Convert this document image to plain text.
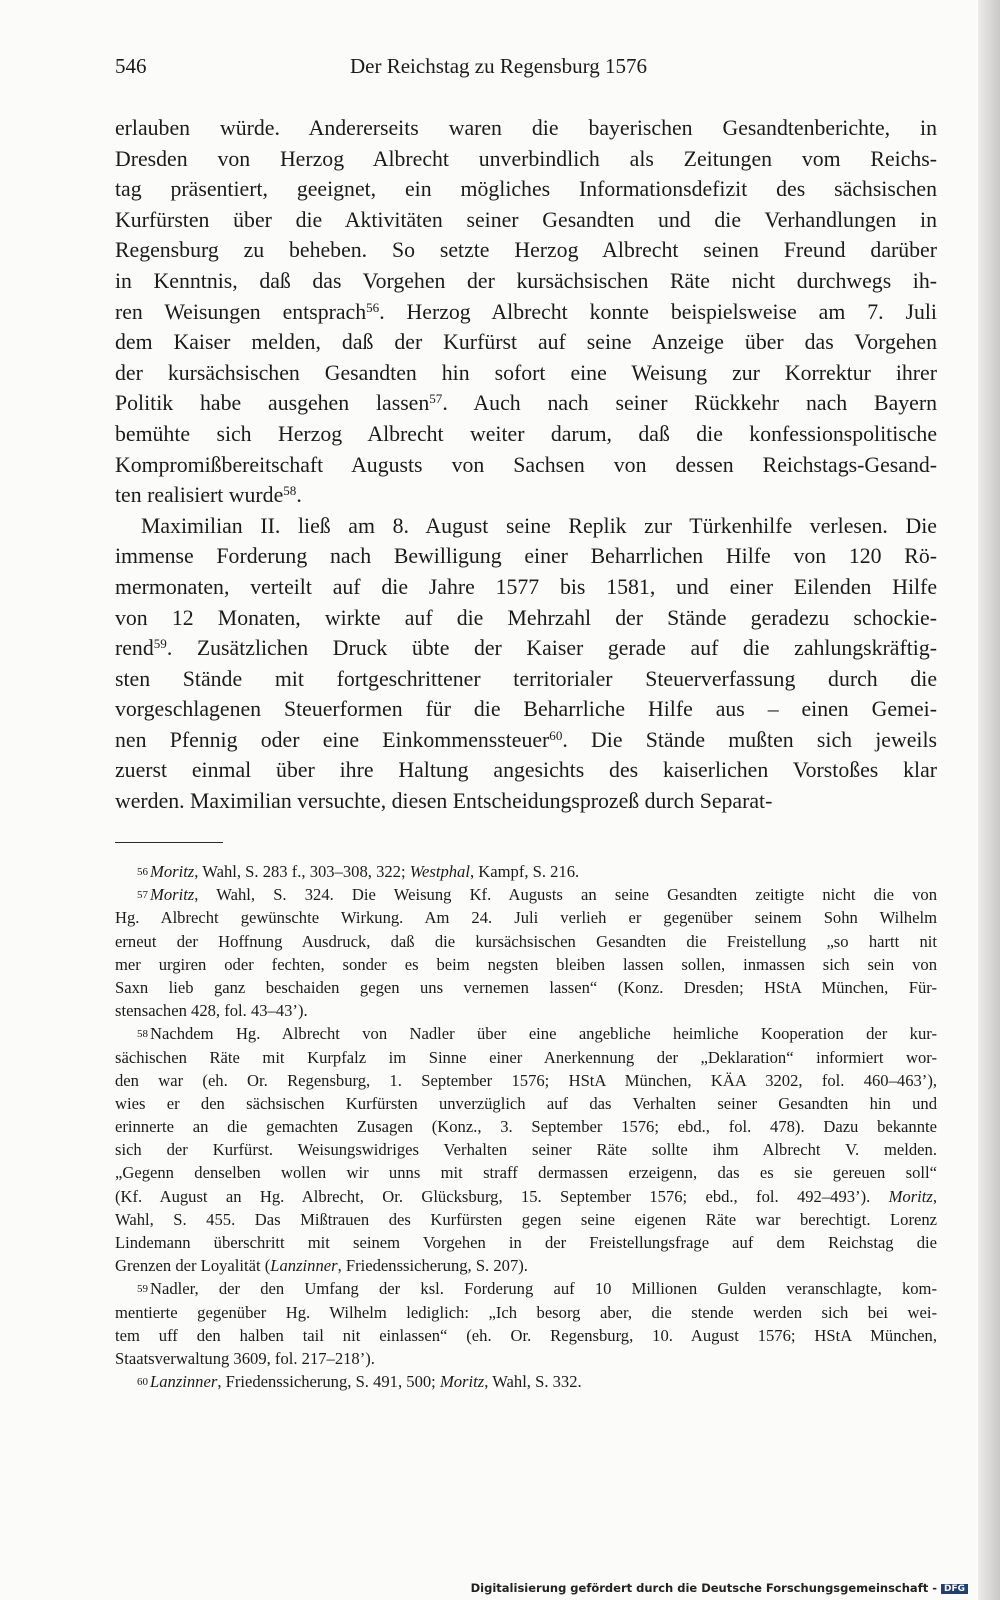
546	Der Reichstag zu Regensburg 1576
erlauben würde. Andererseits waren die bayerischen Gesandtenberichte, in
Dresden von Herzog Albrecht unverbindlich als Zeitungen vom Reichs-
tag präsentiert, geeignet, ein mögliches Informationsdefizit des sächsischen
Kurfürsten über die Aktivitäten seiner Gesandten und die Verhandlungen in
Regensburg zu beheben. So setzte Herzog Albrecht seinen Freund darüber
in Kenntnis, daß das Vorgehen der kursächsischen Räte nicht durchwegs ih-
ren Weisungen entsprach$^{56}$. Herzog Albrecht konnte beispielsweise am 7. Juli
dem Kaiser melden, daß der Kurfürst auf seine Anzeige über das Vorgehen
der kursächsischen Gesandten hin sofort eine Weisung zur Korrektur ihrer
Politik habe ausgehen lassen$^{57}$. Auch nach seiner Rückkehr nach Bayern
bemühte sich Herzog Albrecht weiter darum, daß die konfessionspolitische
Kompromißbereitschaft Augusts von Sachsen von dessen Reichstags-Gesand-
ten realisiert wurde$^{58}$.
Maximilian II. ließ am 8. August seine Replik zur Türkenhilfe verlesen. Die
immense Forderung nach Bewilligung einer Beharrlichen Hilfe von 120 Rö-
mermonaten, verteilt auf die Jahre 1577 bis 1581, und einer Eilenden Hilfe
von 12 Monaten, wirkte auf die Mehrzahl der Stände geradezu schockie-
rend$^{59}$. Zusätzlichen Druck übte der Kaiser gerade auf die zahlungskräftig-
sten Stände mit fortgeschrittener territorialer Steuerverfassung durch die
vorgeschlagenen Steuerformen für die Beharrliche Hilfe aus – einen Gemei-
nen Pfennig oder eine Einkommenssteuer$^{60}$. Die Stände mußten sich jeweils
zuerst einmal über ihre Haltung angesichts des kaiserlichen Vorstoßes klar
werden. Maximilian versuchte, diesen Entscheidungsprozeß durch Separat-
56 Moritz, Wahl, S. 283 f., 303–308, 322; Westphal, Kampf, S. 216.
57 Moritz, Wahl, S. 324. Die Weisung Kf. Augusts an seine Gesandten zeitigte nicht die von
Hg. Albrecht gewünschte Wirkung. Am 24. Juli verlieh er gegenüber seinem Sohn Wilhelm
erneut der Hoffnung Ausdruck, daß die kursächsischen Gesandten die Freistellung „so hartt nit
mer urgiren oder fechten, sonder es beim negsten bleiben lassen sollen, inmassen sich sein von
Saxn lieb ganz beschaiden gegen uns vernemen lassen“ (Konz. Dresden; HStA München, Für-
stensachen 428, fol. 43–43’).
58 Nachdem Hg. Albrecht von Nadler über eine angebliche heimliche Kooperation der kur-
sächischen Räte mit Kurpfalz im Sinne einer Anerkennung der „Deklaration“ informiert wor-
den war (eh. Or. Regensburg, 1. September 1576; HStA München, KÄA 3202, fol. 460–463’),
wies er den sächsischen Kurfürsten unverzüglich auf das Verhalten seiner Gesandten hin und
erinnerte an die gemachten Zusagen (Konz., 3. September 1576; ebd., fol. 478). Dazu bekannte
sich der Kurfürst. Weisungswidriges Verhalten seiner Räte sollte ihm Albrecht V. melden.
„Gegenn denselben wollen wir unns mit straff dermassen erzeigenn, das es sie gereuen soll“
(Kf. August an Hg. Albrecht, Or. Glücksburg, 15. September 1576; ebd., fol. 492–493’). Moritz,
Wahl, S. 455. Das Mißtrauen des Kurfürsten gegen seine eigenen Räte war berechtigt. Lorenz
Lindemann überschritt mit seinem Vorgehen in der Freistellungsfrage auf dem Reichstag die
Grenzen der Loyalität (Lanzinner, Friedenssicherung, S. 207).
59 Nadler, der den Umfang der ksl. Forderung auf 10 Millionen Gulden veranschlagte, kom-
mentierte gegenüber Hg. Wilhelm lediglich: „Ich besorg aber, die stende werden sich bei wei-
tem uff den halben tail nit einlassen“ (eh. Or. Regensburg, 10. August 1576; HStA München,
Staatsverwaltung 3609, fol. 217–218’).
60 Lanzinner, Friedenssicherung, S. 491, 500; Moritz, Wahl, S. 332.
Digitalisierung gefördert durch die Deutsche Forschungsgemeinschaft - DFG
